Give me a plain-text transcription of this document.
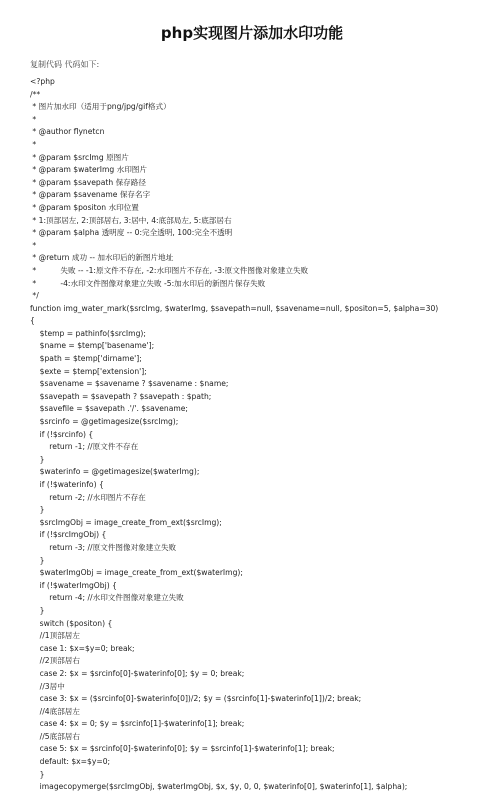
php实现图片添加水印功能
复制代码 代码如下:
<?php
/**
* 图片加水印（适用于png/jpg/gif格式）
*
* @author flynetcn
*
* @param $srcImg 原图片
* @param $waterImg 水印图片
* @param $savepath 保存路径
* @param $savename 保存名字
* @param $positon 水印位置
* 1:顶部居左, 2:顶部居右, 3:居中, 4:底部局左, 5:底部居右
* @param $alpha 透明度 -- 0:完全透明, 100:完全不透明
*
* @return 成功 -- 加水印后的新图片地址
*          失败 -- -1:原文件不存在, -2:水印图片不存在, -3:原文件图像对象建立失败
*          -4:水印文件图像对象建立失败 -5:加水印后的新图片保存失败
*/
function img_water_mark($srcImg, $waterImg, $savepath=null, $savename=null, $positon=5, $alpha=30)
{
$temp = pathinfo($srcImg);
$name = $temp['basename'];
$path = $temp['dirname'];
$exte = $temp['extension'];
$savename = $savename ? $savename : $name;
$savepath = $savepath ? $savepath : $path;
$savefile = $savepath .'/'. $savename;
$srcinfo = @getimagesize($srcImg);
if (!$srcinfo) {
return -1; //原文件不存在
}
$waterinfo = @getimagesize($waterImg);
if (!$waterinfo) {
return -2; //水印图片不存在
}
$srcImgObj = image_create_from_ext($srcImg);
if (!$srcImgObj) {
return -3; //原文件图像对象建立失败
}
$waterImgObj = image_create_from_ext($waterImg);
if (!$waterImgObj) {
return -4; //水印文件图像对象建立失败
}
switch ($positon) {
//1顶部居左
case 1: $x=$y=0; break;
//2顶部居右
case 2: $x = $srcinfo[0]-$waterinfo[0]; $y = 0; break;
//3居中
case 3: $x = ($srcinfo[0]-$waterinfo[0])/2; $y = ($srcinfo[1]-$waterinfo[1])/2; break;
//4底部居左
case 4: $x = 0; $y = $srcinfo[1]-$waterinfo[1]; break;
//5底部居右
case 5: $x = $srcinfo[0]-$waterinfo[0]; $y = $srcinfo[1]-$waterinfo[1]; break;
default: $x=$y=0;
}
imagecopymerge($srcImgObj, $waterImgObj, $x, $y, 0, 0, $waterinfo[0], $waterinfo[1], $alpha);
